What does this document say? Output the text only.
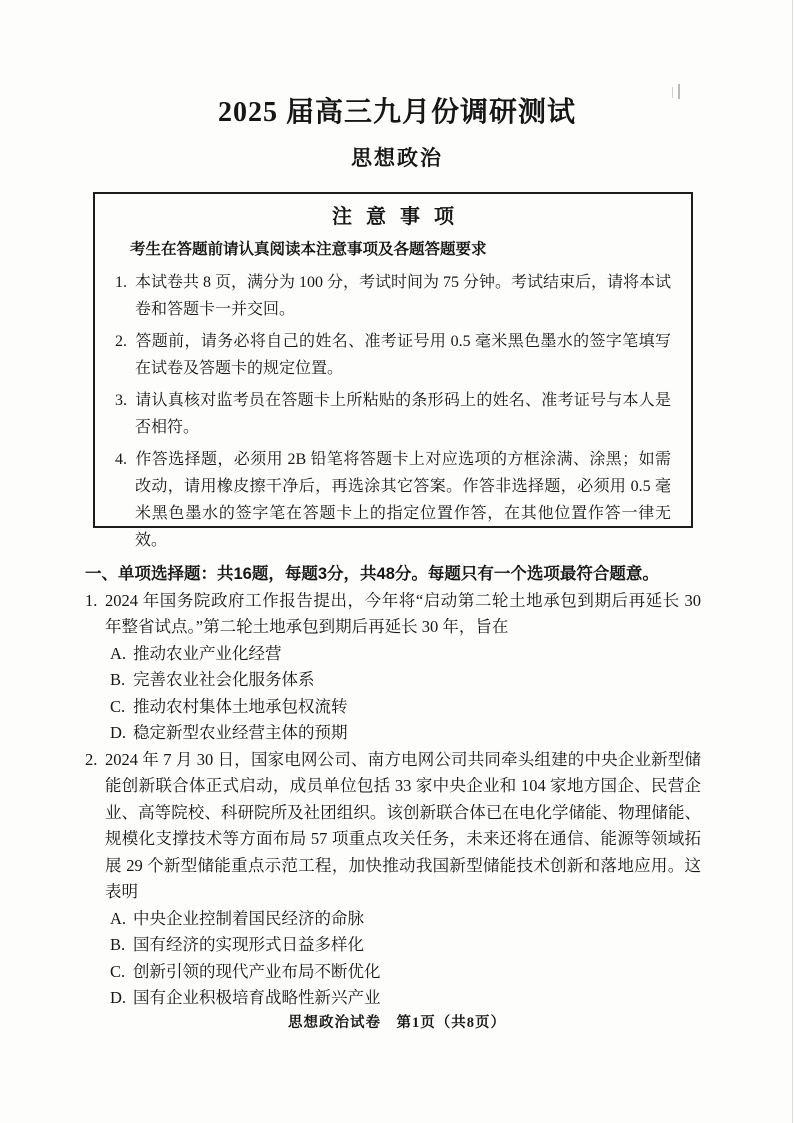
2025 届高三九月份调研测试
思想政治
注意事项
考生在答题前请认真阅读本注意事项及各题答题要求
1. 本试卷共 8 页，满分为 100 分，考试时间为 75 分钟。考试结束后，请将本试卷和答题卡一并交回。
2. 答题前，请务必将自己的姓名、准考证号用 0.5 毫米黑色墨水的签字笔填写在试卷及答题卡的规定位置。
3. 请认真核对监考员在答题卡上所粘贴的条形码上的姓名、准考证号与本人是否相符。
4. 作答选择题，必须用 2B 铅笔将答题卡上对应选项的方框涂满、涂黑；如需改动，请用橡皮擦干净后，再选涂其它答案。作答非选择题，必须用 0.5 毫米黑色墨水的签字笔在答题卡上的指定位置作答，在其他位置作答一律无效。
一、单项选择题：共16题，每题3分，共48分。每题只有一个选项最符合题意。
1. 2024 年国务院政府工作报告提出，今年将“启动第二轮土地承包到期后再延长 30 年整省试点。”第二轮土地承包到期后再延长 30 年，旨在
A. 推动农业产业化经营
B. 完善农业社会化服务体系
C. 推动农村集体土地承包权流转
D. 稳定新型农业经营主体的预期
2. 2024 年 7 月 30 日，国家电网公司、南方电网公司共同牵头组建的中央企业新型储能创新联合体正式启动，成员单位包括 33 家中央企业和 104 家地方国企、民营企业、高等院校、科研院所及社团组织。该创新联合体已在电化学储能、物理储能、规模化支撑技术等方面布局 57 项重点攻关任务，未来还将在通信、能源等领域拓展 29 个新型储能重点示范工程，加快推动我国新型储能技术创新和落地应用。这表明
A. 中央企业控制着国民经济的命脉
B. 国有经济的实现形式日益多样化
C. 创新引领的现代产业布局不断优化
D. 国有企业积极培育战略性新兴产业
思想政治试卷　第1页（共8页）
